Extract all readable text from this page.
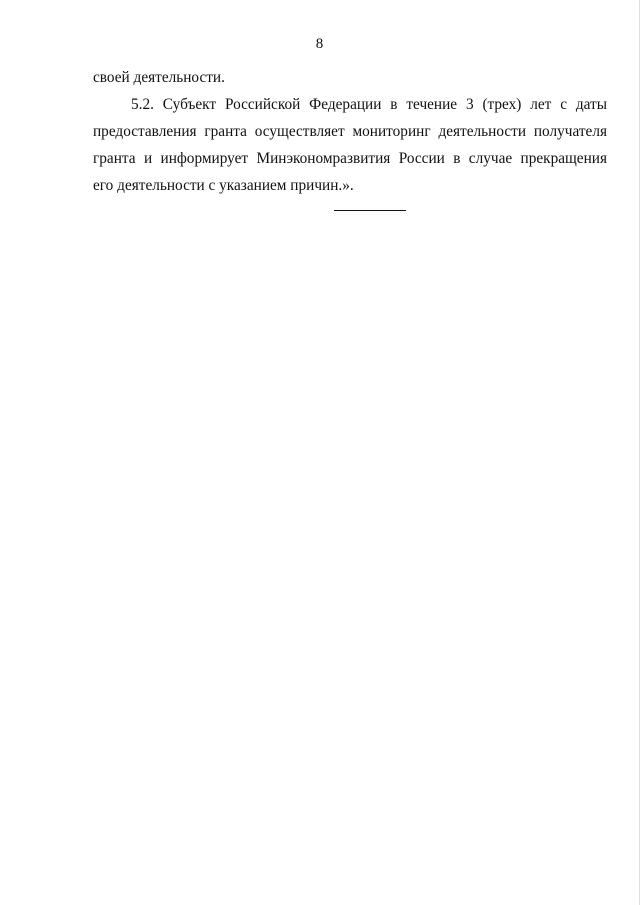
8
своей деятельности.
5.2. Субъект Российской Федерации в течение 3 (трех) лет с даты
предоставления гранта осуществляет мониторинг деятельности получателя
гранта и информирует Минэкономразвития России в случае прекращения
его деятельности с указанием причин.».
